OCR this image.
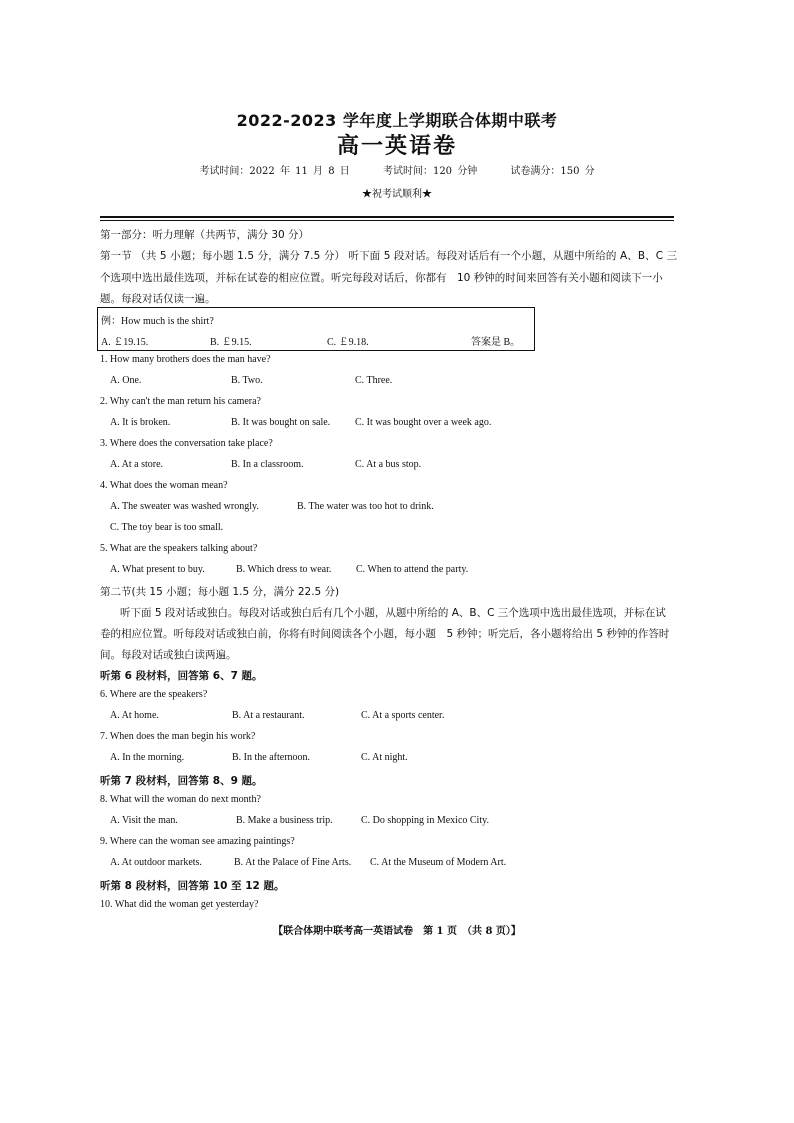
2022-2023 学年度上学期联合体期中联考
高一英语卷
考试时间：2022 年 11 月 8 日	考试时间：120 分钟	试卷满分：150 分
★祝考试顺利★
第一部分：听力理解（共两节，满分 30 分）
第一节 （共 5 小题；每小题 1.5 分，满分 7.5 分） 听下面 5 段对话。每段对话后有一个小题，从题中所给的 A、B、C 三
个选项中选出最佳选项，并标在试卷的相应位置。听完每段对话后，你都有　10 秒钟的时间来回答有关小题和阅读下一小
题。每段对话仅读一遍。
例：How much is the shirt?
A. ￡19.15.	B. ￡9.15.	C. ￡9.18.	答案是 B。
1. How many brothers does the man have?
A. One.	B. Two.	C. Three.
2. Why can't the man return his camera?
A. It is broken.	B. It was bought on sale. C. It was bought over a week ago.
3. Where does the conversation take place?
A. At a store.	B. In a classroom.	C. At a bus stop.
4. What does the woman mean?
A. The sweater was washed wrongly.	B. The water was too hot to drink.
C. The toy bear is too small.
5. What are the speakers talking about?
A. What present to buy.	B. Which dress to wear. C. When to attend the party.
第二节(共 15 小题；每小题 1.5 分，满分 22.5 分)
听下面 5 段对话或独白。每段对话或独白后有几个小题，从题中所给的 A、B、C 三个选项中选出最佳选项，并标在试
卷的相应位置。听每段对话或独白前，你将有时间阅读各个小题，每小题　5 秒钟；听完后，各小题将给出 5 秒钟的作答时
间。每段对话或独白读两遍。
听第 6 段材料，回答第 6、7 题。
6. Where are the speakers?
A. At home.	B. At a restaurant.	C. At a sports center.
7. When does the man begin his work?
A. In the morning.	B. In the afternoon.	C. At night.
听第 7 段材料，回答第 8、9 题。
8. What will the woman do next month?
A. Visit the man.	B. Make a business trip.	C. Do shopping in Mexico City.
9. Where can the woman see amazing paintings?
A. At outdoor markets.	B. At the Palace of Fine Arts. C. At the Museum of Modern Art.
听第 8 段材料，回答第 10 至 12 题。
10. What did the woman get yesterday?
【联合体期中联考高一英语试卷　第 1 页　（共 8 页）】
